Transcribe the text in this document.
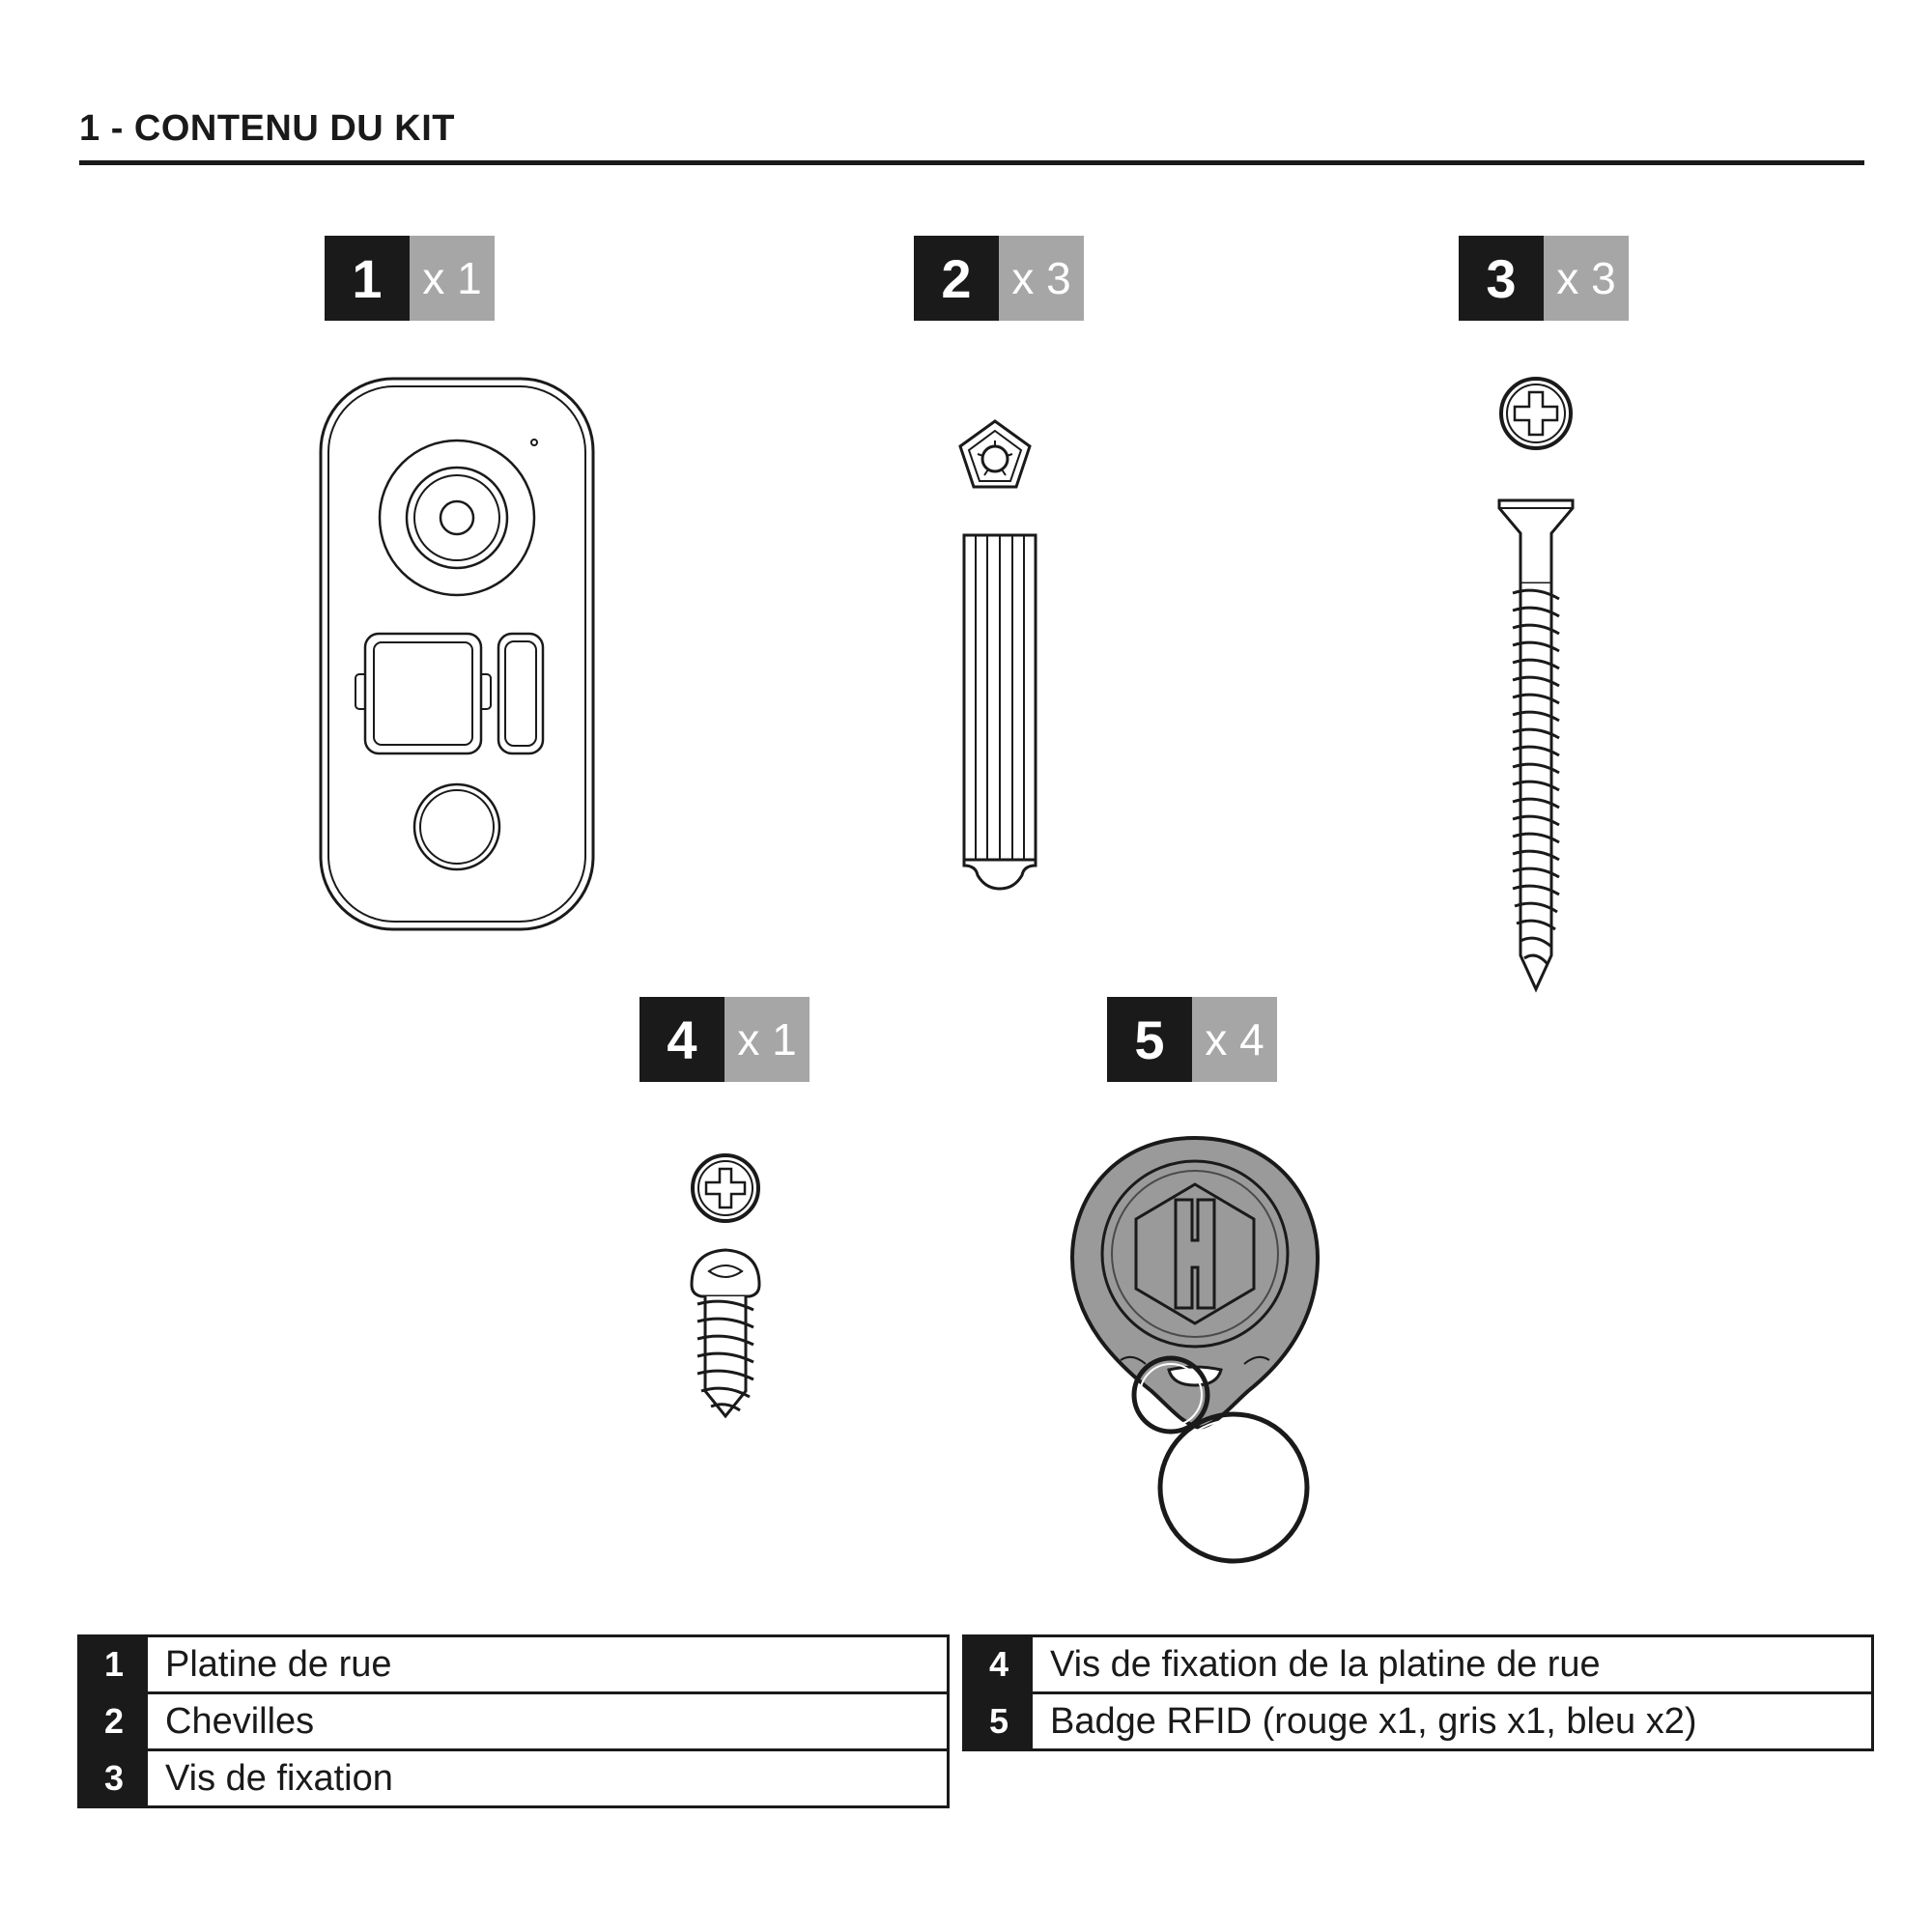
1 - CONTENU DU KIT
1 x 1	2 x 3	3 x 3
4 x 1	5 x 4
1	Platine de rue
2	Chevilles
3	Vis de fixation
4	Vis de fixation de la platine de rue
5	Badge RFID (rouge x1, gris x1, bleu x2)
